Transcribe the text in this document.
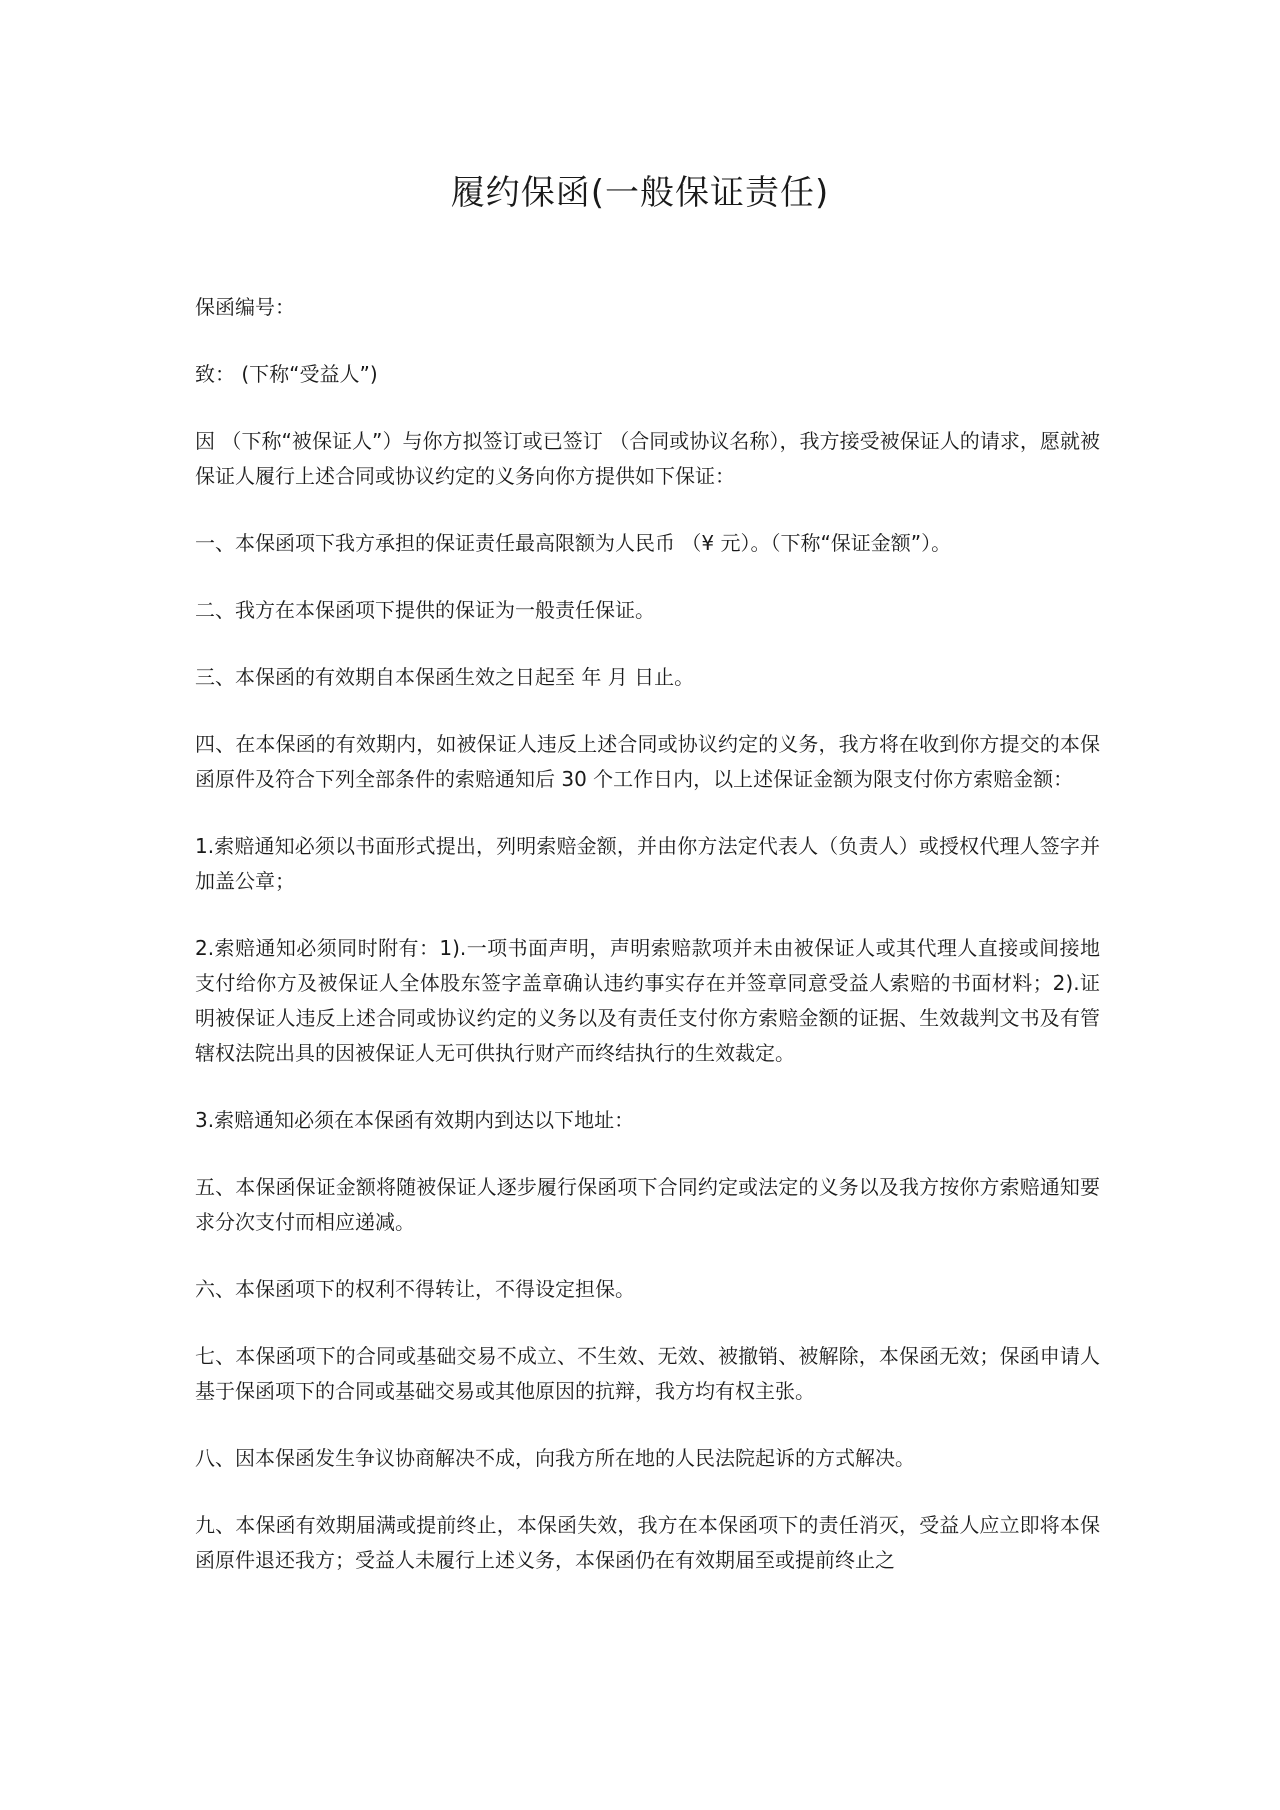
履约保函(一般保证责任)

保函编号：

致： (下称“受益人”)

因 （下称“被保证人”）与你方拟签订或已签订 （合同或协议名称），我方接受被保证人的请求，愿就被保证人履行上述合同或协议约定的义务向你方提供如下保证：

一、本保函项下我方承担的保证责任最高限额为人民币 （¥ 元）。（下称“保证金额”）。

二、我方在本保函项下提供的保证为一般责任保证。

三、本保函的有效期自本保函生效之日起至 年 月 日止。

四、在本保函的有效期内，如被保证人违反上述合同或协议约定的义务，我方将在收到你方提交的本保函原件及符合下列全部条件的索赔通知后 30 个工作日内，以上述保证金额为限支付你方索赔金额：

1.索赔通知必须以书面形式提出，列明索赔金额，并由你方法定代表人（负责人）或授权代理人签字并加盖公章；

2.索赔通知必须同时附有：1).一项书面声明，声明索赔款项并未由被保证人或其代理人直接或间接地支付给你方及被保证人全体股东签字盖章确认违约事实存在并签章同意受益人索赔的书面材料；2).证明被保证人违反上述合同或协议约定的义务以及有责任支付你方索赔金额的证据、生效裁判文书及有管辖权法院出具的因被保证人无可供执行财产而终结执行的生效裁定。

3.索赔通知必须在本保函有效期内到达以下地址：

五、本保函保证金额将随被保证人逐步履行保函项下合同约定或法定的义务以及我方按你方索赔通知要求分次支付而相应递减。

六、本保函项下的权利不得转让，不得设定担保。

七、本保函项下的合同或基础交易不成立、不生效、无效、被撤销、被解除，本保函无效；保函申请人基于保函项下的合同或基础交易或其他原因的抗辩，我方均有权主张。

八、因本保函发生争议协商解决不成，向我方所在地的人民法院起诉的方式解决。

九、本保函有效期届满或提前终止，本保函失效，我方在本保函项下的责任消灭，受益人应立即将本保函原件退还我方；受益人未履行上述义务，本保函仍在有效期届至或提前终止之
